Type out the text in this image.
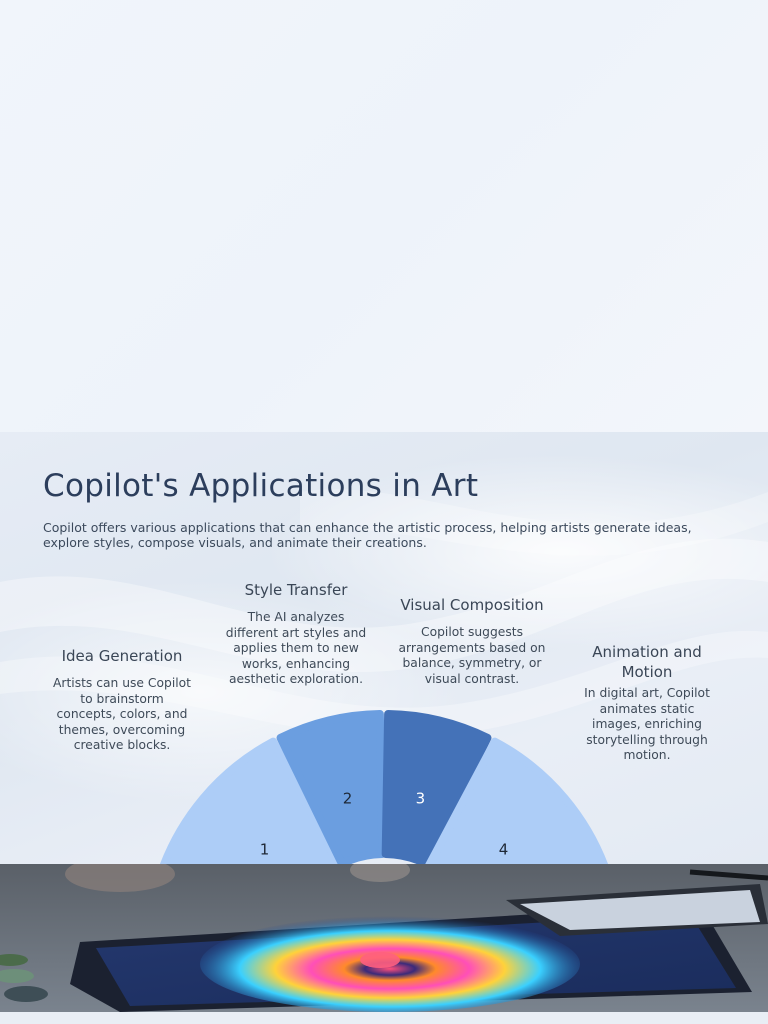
Copilot's Applications in Art

Copilot offers various applications that can enhance the artistic process, helping artists generate ideas, explore styles, compose visuals, and animate their creations.

Idea Generation

Artists can use Copilot to brainstorm concepts, colors, and themes, overcoming creative blocks.

Style Transfer

The AI analyzes different art styles and applies them to new works, enhancing aesthetic exploration.

Visual Composition

Copilot suggests arrangements based on balance, symmetry, or visual contrast.

Animation and Motion

In digital art, Copilot animates static images, enriching storytelling through motion.

1
2	3
4
